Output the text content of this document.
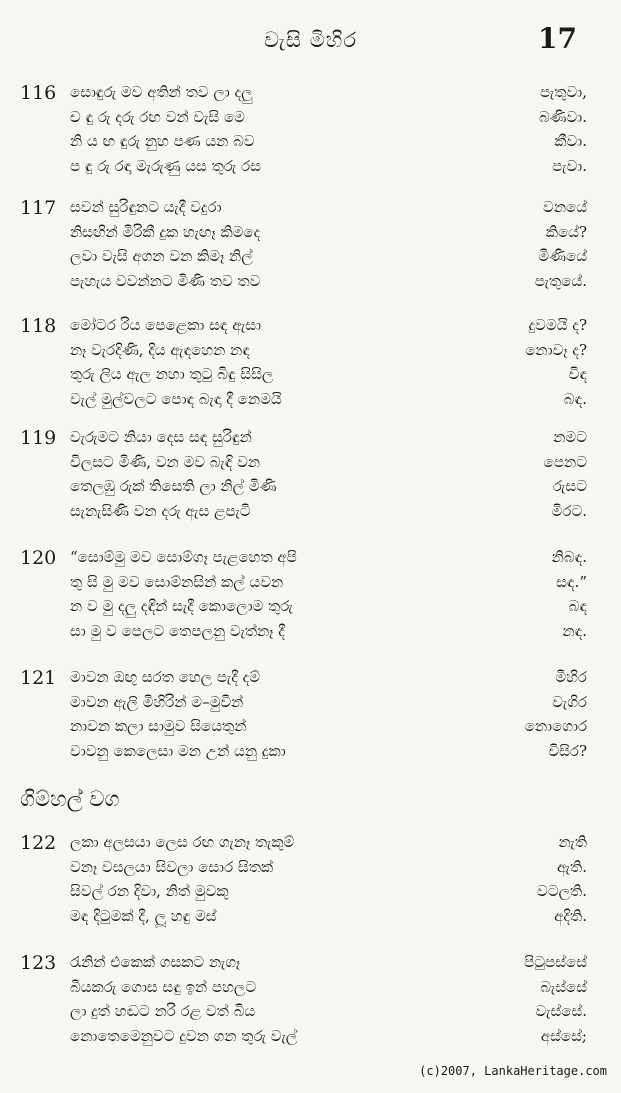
වැසි මිහිර	17
116 සොඳුරු මව අතින් තව ලා දලු	පැතුවා,
ච ඳු රු දරු රඟ වන් වැසි මෙ	බණිවා.
නි ය ඟ ඳුරු නුහ පණ යන බව	කීවා.
ප ඳු රු රඳා මැරුණු යස තුරු රස	පැවා.
117 සවන් සුරිඳුනට යැදී වදුරා	වනයේ
නිසඟින් මිරිකී දුක හැඟෑ කිමදෙ	කියේ?
ලවා වැසි අගන වන කිමෑ නිල්	මිණියේ
පැහැය වවන්නට මිණි තව තව	පැතුයේ.
118 මෝටර රිය පෙළෙකා සඳ ඇසා	දුවමයි ද?
නෑ වැරදිණි, දිය ඇඳහෙන නඳ	නොවෑ ද?
තුරු ලිය ඇල නහා තුටු බිඳු සිසිල	විඳ
වැල් මුල්වලට පොඳ බැඳා දී නෙමයි	බඳ.
119 වැරුමට නියා දෙස සඳ සුරිඳුන්	නමට
විලසට මිණි, වන මව බැඳි වන	පෙනට
තෙලඹු රුක් තිසෙති ලා නිල් මිණි	රුසට
සැනැසිණි වන දරු ඇස ළපැටි	මිරට.
120 “සොම්මු මව සොම්ගෑ පැළහෙත අපි	නිබඳ.
තු සි මු මව සොම්නසින් කල් යවන	සඳ.”
න ව මු දලු දඳින් සැදී කොලොම තුරු	බඳ
සා මු ව පෙලට තෙපලනු වැත්නෑ දී	නඳ.
121 මාවන ඔඟු සරත හෙල පැදී දම්	මිහිර
මාවන ඇලි මිහිරින් ම–මුවින්	වැගිර
නාවන කලා සාමුව සියෙතුන්	නොගොර
වාවනු කෙලෙසා මන උන් යනු දුකා	විසිර?
ගිම්හල් වග
122 ලකා අලසයා ලෙස රඟ ගැනෑ තැකුම්	නැති
වනෑ වසලයා සිවලා සොර සිතක්	ඇති.
සිවල් රන දිවා, නිත් මුවකු	වටලති.
මඳ දිටුමක් දී, ලූ හඳු මස්	අදිති.
123 රැනින් එකෙක් ගසකට නැගෑ	පිටුපස්සේ
බියකරු ගොස සඳු ඉන් පහලට	බැස්සේ
ලා දුත් හඬට නරි රළ වත් බිය	වැස්සේ.
නොතෙමෙනුවට දුවන ගන තුරු වැල්	අස්සේ;
(c)2007, LankaHeritage.com
